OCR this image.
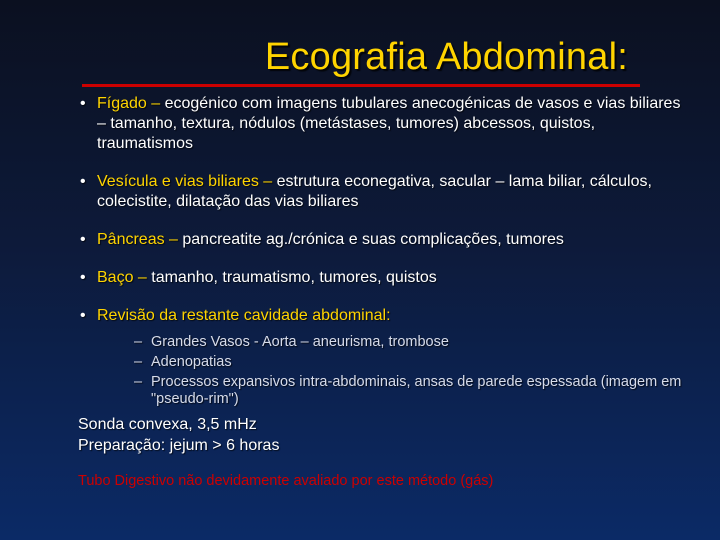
Ecografia Abdominal:
• Fígado – ecogénico com imagens tubulares anecogénicas de vasos e vias biliares – tamanho, textura, nódulos (metástases, tumores) abcessos, quistos, traumatismos
• Vesícula e vias biliares – estrutura econegativa, sacular – lama biliar, cálculos, colecistite, dilatação das vias biliares
• Pâncreas – pancreatite ag./crónica e suas complicações, tumores
• Baço – tamanho, traumatismo, tumores, quistos
• Revisão da restante cavidade abdominal:
– Grandes Vasos - Aorta – aneurisma, trombose
– Adenopatias
– Processos expansivos intra-abdominais, ansas de parede espessada (imagem em "pseudo-rim")
Sonda convexa, 3,5 mHz
Preparação: jejum > 6 horas
Tubo Digestivo não devidamente avaliado por este método (gás)
